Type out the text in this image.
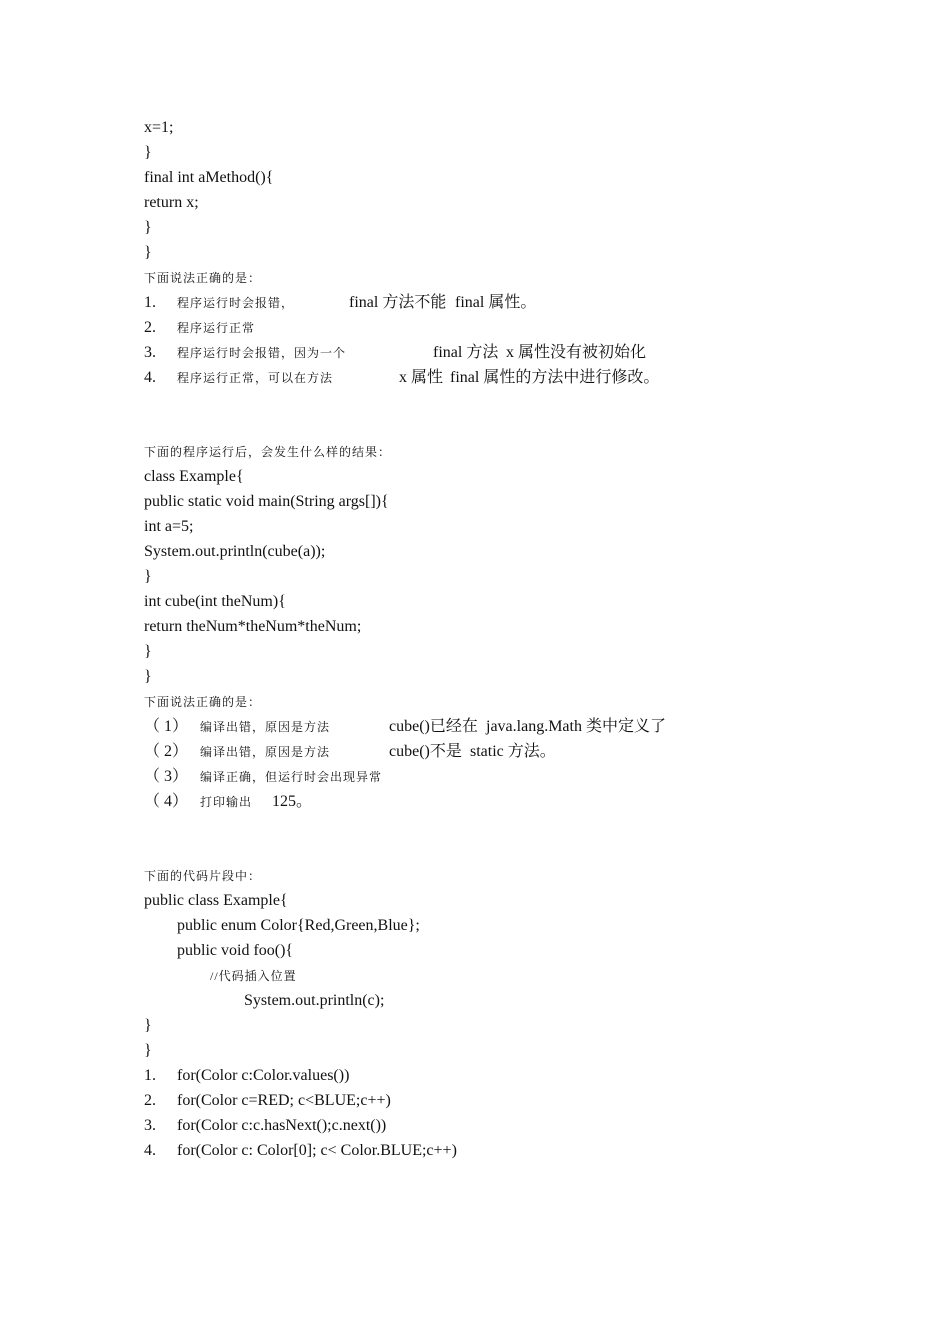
x=1;
}
final int aMethod(){
return x;
}
}
下面说法正确的是：
1. 程序运行时会报错，	final 方法不能 final 属性。
2. 程序运行正常
3. 程序运行时会报错，因为一个	final 方法 x 属性没有被初始化
4. 程序运行正常，可以在方法	x 属性 final 属性的方法中进行修改。
下面的程序运行后，会发生什么样的结果：
class Example{
public static void main(String args[]){
int a=5;
System.out.println(cube(a));
}
int cube(int theNum){
return theNum*theNum*theNum;
}
}
下面说法正确的是：
（ 1） 编译出错，原因是方法	cube()已经在 java.lang.Math 类中定义了
（ 2） 编译出错，原因是方法	cube()不是 static 方法。
（ 3） 编译正确，但运行时会出现异常
（ 4） 打印输出 125。
下面的代码片段中：
public class Example{
public enum Color{Red,Green,Blue};
public void foo(){
//代码插入位置
System.out.println(c);
}
}
1. for(Color c:Color.values())
2. for(Color c=RED; c<BLUE;c++)
3. for(Color c:c.hasNext();c.next())
4. for(Color c: Color[0]; c< Color.BLUE;c++)
